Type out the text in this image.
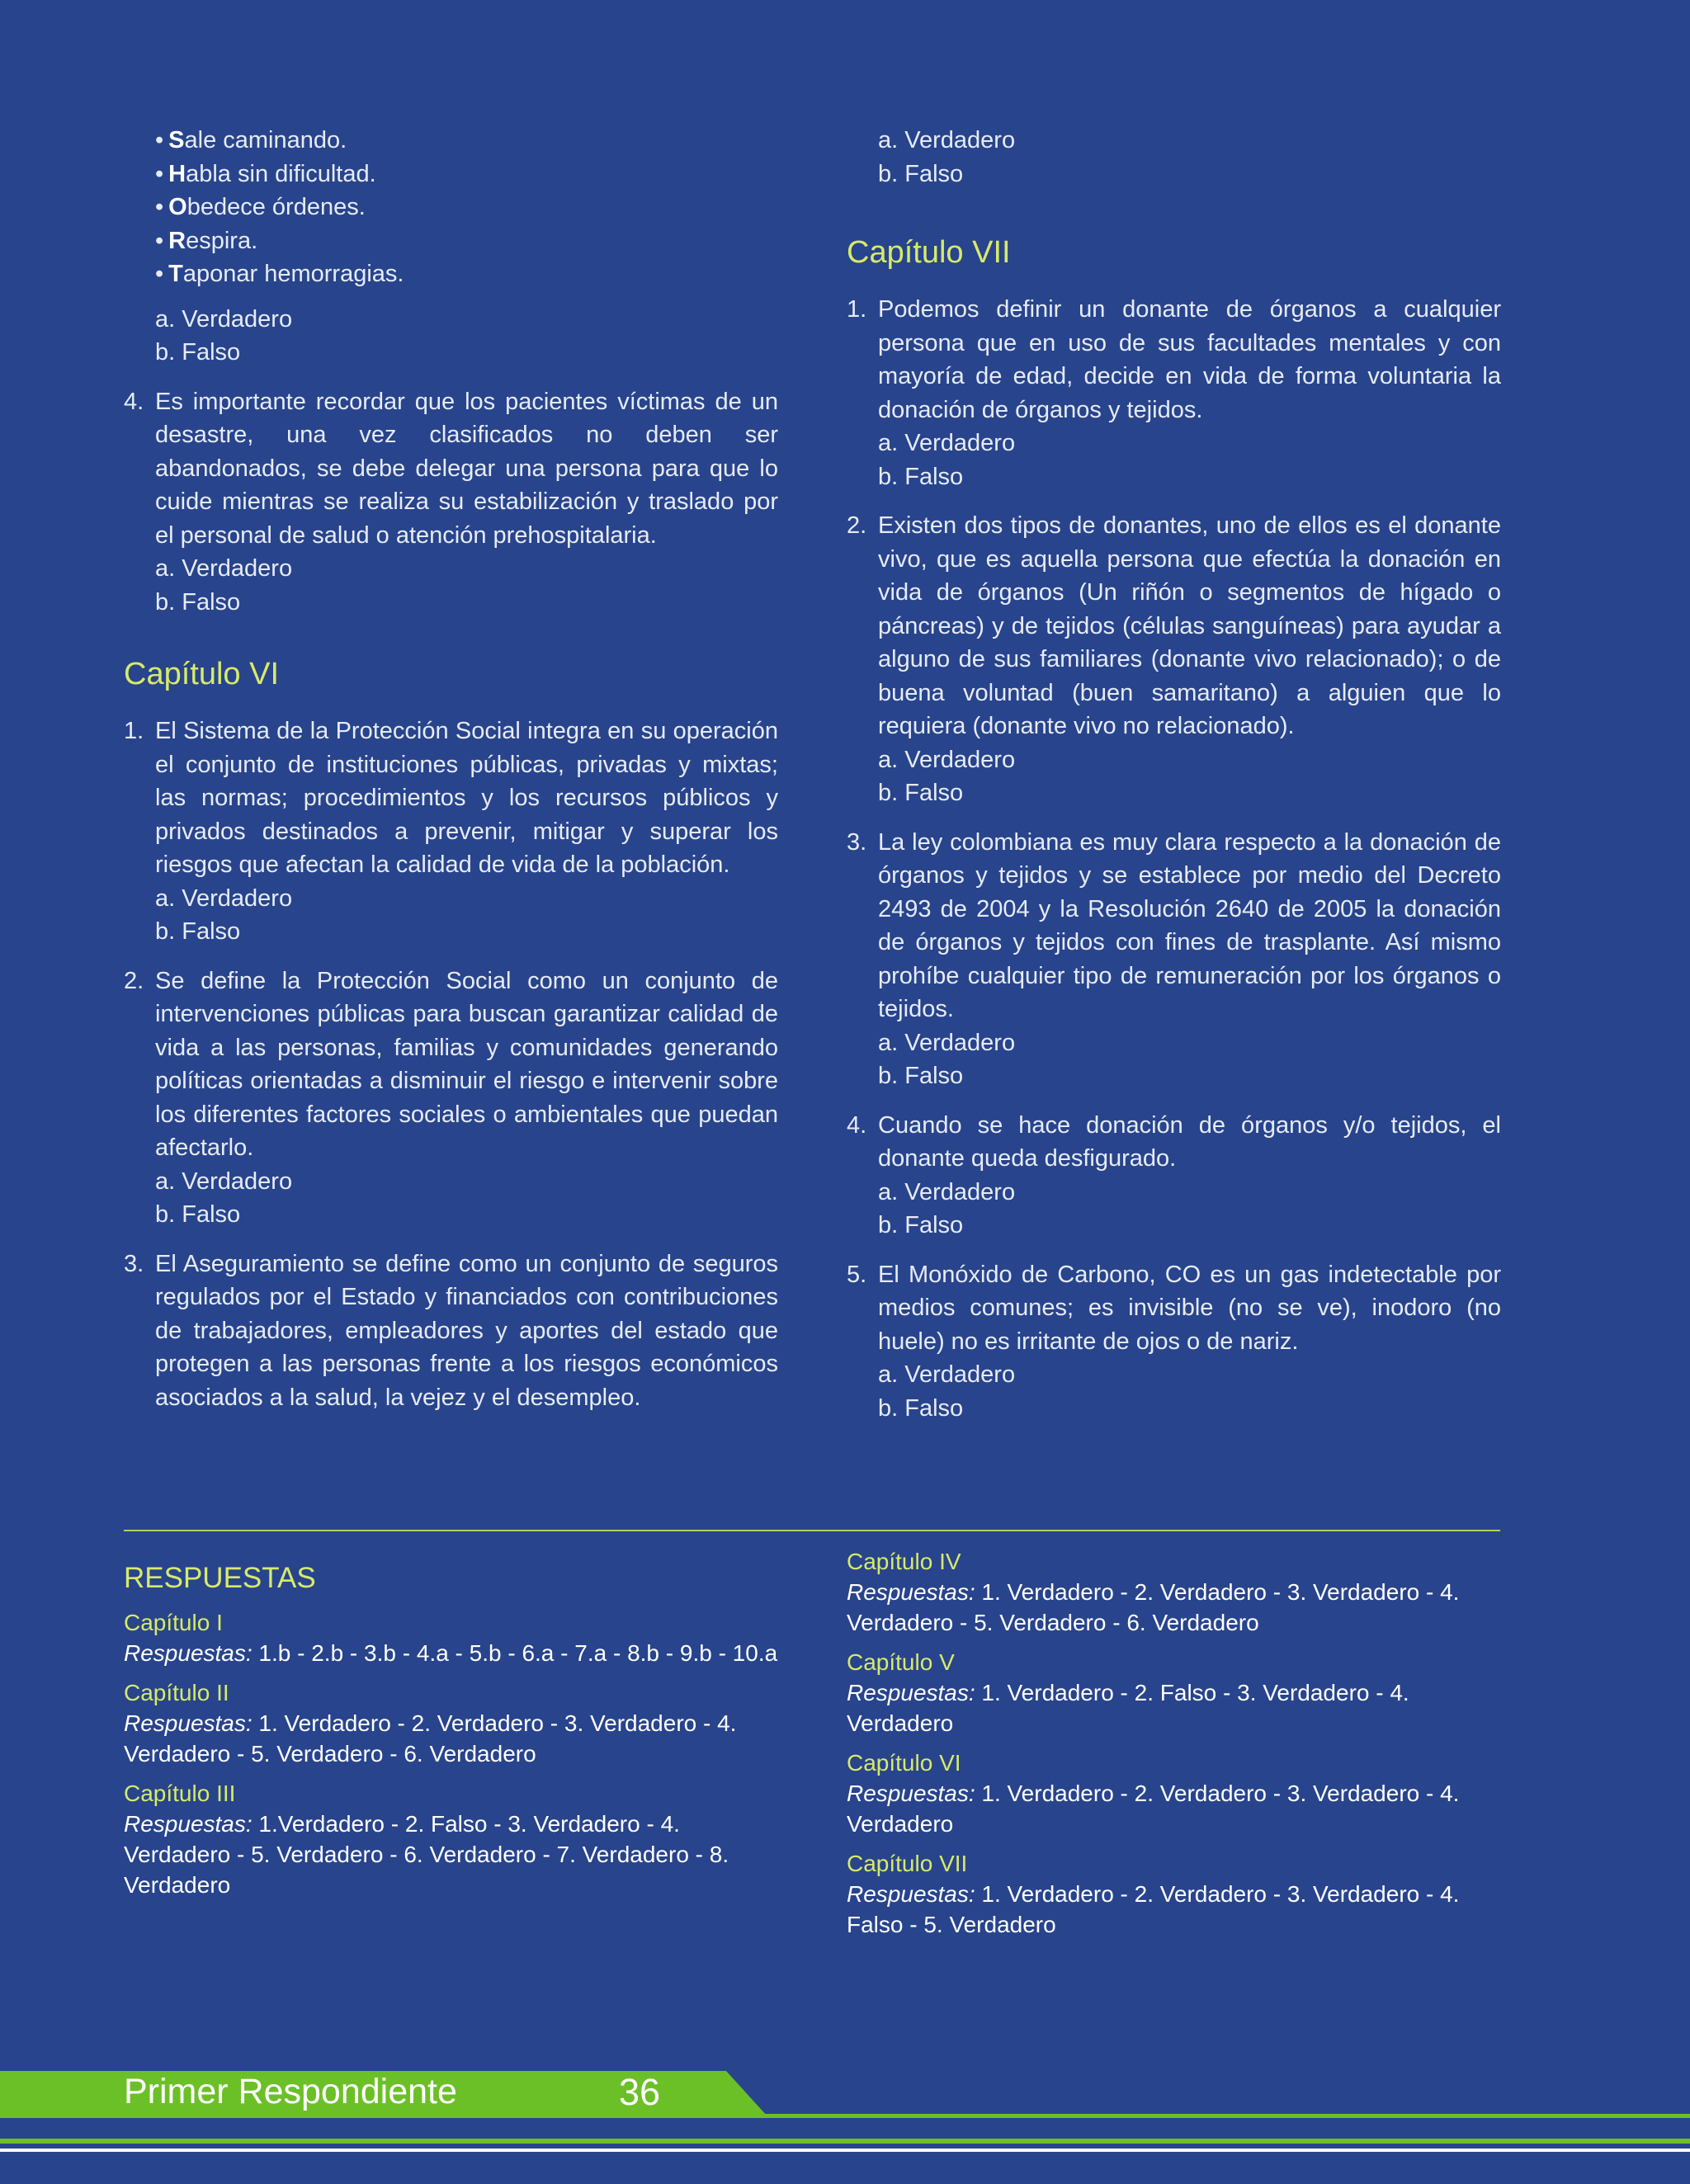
• Sale caminando.
• Habla sin dificultad.
• Obedece órdenes.
• Respira.
• Taponar hemorragias.
a. Verdadero
b. Falso
4. Es importante recordar que los pacientes víctimas de un desastre, una vez clasificados no deben ser abandonados, se debe delegar una persona para que lo cuide mientras se realiza su estabilización y traslado por el personal de salud o atención prehospitalaria.
a. Verdadero
b. Falso
Capítulo VI
1. El Sistema de la Protección Social integra en su operación el conjunto de instituciones públicas, privadas y mixtas; las normas; procedimientos y los recursos públicos y privados destinados a prevenir, mitigar y superar los riesgos que afectan la calidad de vida de la población.
a. Verdadero
b. Falso
2. Se define la Protección Social como un conjunto de intervenciones públicas para buscan garantizar calidad de vida a las personas, familias y comunidades generando políticas orientadas a disminuir el riesgo e intervenir sobre los diferentes factores sociales o ambientales que puedan afectarlo.
a. Verdadero
b. Falso
3. El Aseguramiento se define como un conjunto de seguros regulados por el Estado y financiados con contribuciones de trabajadores, empleadores y aportes del estado que protegen a las personas frente a los riesgos económicos asociados a la salud, la vejez y el desempleo.
a. Verdadero
b. Falso
Capítulo VII
1. Podemos definir un donante de órganos a cualquier persona que en uso de sus facultades mentales y con mayoría de edad, decide en vida de forma voluntaria la donación de órganos y tejidos.
a. Verdadero
b. Falso
2. Existen dos tipos de donantes, uno de ellos es el donante vivo, que es aquella persona que efectúa la donación en vida de órganos (Un riñón o segmentos de hígado o páncreas) y de tejidos (células sanguíneas) para ayudar a alguno de sus familiares (donante vivo relacionado); o de buena voluntad (buen samaritano) a alguien que lo requiera (donante vivo no relacionado).
a. Verdadero
b. Falso
3. La ley colombiana es muy clara respecto a la donación de órganos y tejidos y se establece por medio del Decreto 2493 de 2004 y la Resolución 2640 de 2005 la donación de órganos y tejidos con fines de trasplante. Así mismo prohíbe cualquier tipo de remuneración por los órganos o tejidos.
a. Verdadero
b. Falso
4. Cuando se hace donación de órganos y/o tejidos, el donante queda desfigurado.
a. Verdadero
b. Falso
5. El Monóxido de Carbono, CO es un gas indetectable por medios comunes; es invisible (no se ve), inodoro (no huele) no es irritante de ojos o de nariz.
a. Verdadero
b. Falso
RESPUESTAS
Capítulo I
Respuestas: 1.b - 2.b - 3.b - 4.a - 5.b - 6.a - 7.a - 8.b - 9.b - 10.a
Capítulo II
Respuestas: 1. Verdadero - 2. Verdadero - 3. Verdadero - 4. Verdadero - 5. Verdadero - 6. Verdadero
Capítulo III
Respuestas: 1.Verdadero - 2. Falso - 3. Verdadero - 4. Verdadero - 5. Verdadero - 6. Verdadero - 7. Verdadero - 8. Verdadero
Capítulo IV
Respuestas: 1. Verdadero - 2. Verdadero - 3. Verdadero - 4. Verdadero - 5. Verdadero - 6. Verdadero
Capítulo V
Respuestas: 1. Verdadero - 2. Falso - 3. Verdadero - 4. Verdadero
Capítulo VI
Respuestas: 1. Verdadero - 2. Verdadero - 3. Verdadero - 4. Verdadero
Capítulo VII
Respuestas: 1. Verdadero - 2. Verdadero - 3. Verdadero - 4. Falso - 5. Verdadero
Primer Respondiente	36
